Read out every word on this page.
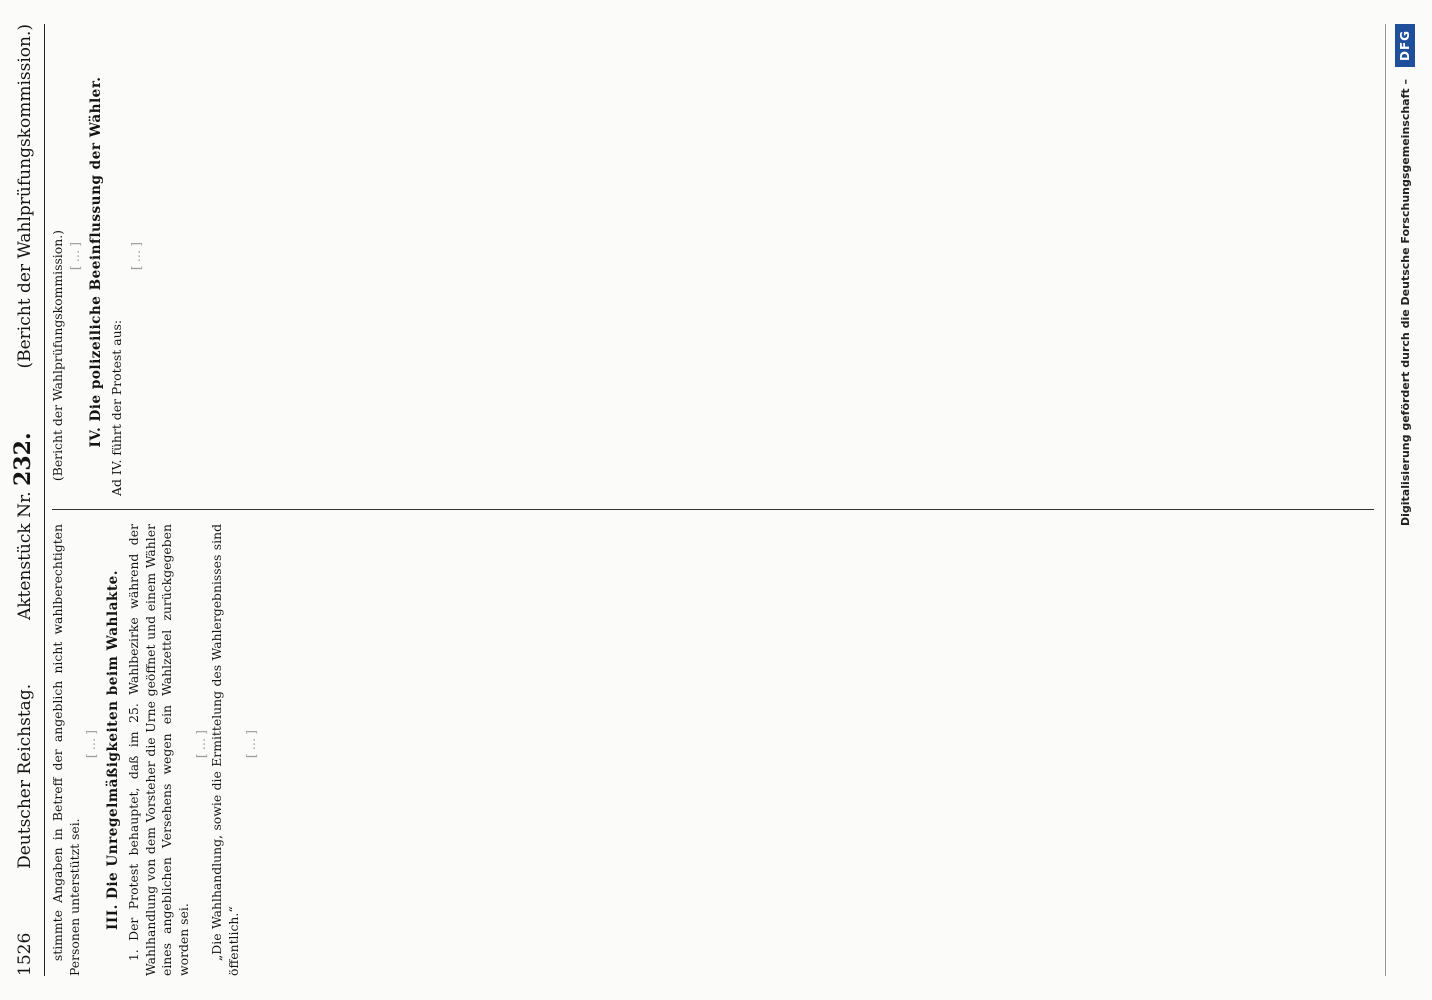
1526
Deutscher Reichstag.
Aktenstück Nr. 232.
(Bericht der Wahlprüfungskommission.)

stimmte Angaben in Betreff der angeblich nicht wahlberechtigten Personen unterstützt sei.

[…] III. Die Unregelmäßigkeiten beim Wahlakte. 1. Der Protest behauptet, daß im 25. Wahlbezirke während der Wahlhandlung von dem Vorsteher die Urne geöffnet und einem Wähler eines angeblichen Versehens wegen ein Wahlzettel zurückgegeben worden sei.

[…] „Die Wahlhandlung, sowie die Ermittelung des Wahlergebnisses sind öffentlich.“

[…]

(Bericht der Wahlprüfungskommission.) […] IV. Die polizeiliche Beeinflussung der Wähler. Ad IV. führt der Protest aus:

[…]	Digitalisierung gefördert durch die Deutsche Forschungsgemeinschaft –
DFG
